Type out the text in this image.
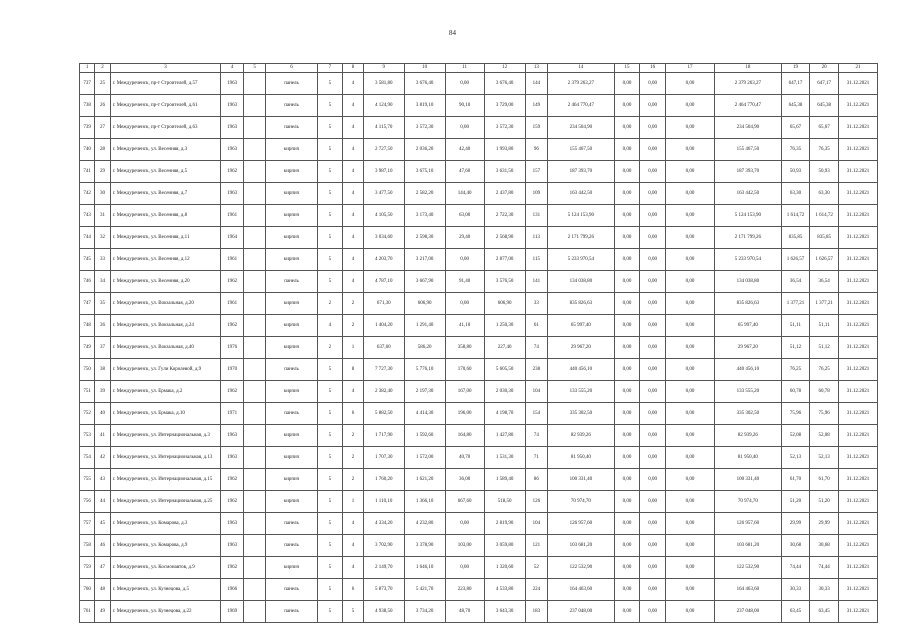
84
1	2	3	4	5	6	7	8	9	10	11	12	13	14	15	16	17	18	19	20	21
737	25	г. Междуреченск, пр-т Строителей, д.57	1963		панель	5	4	3 581,80	3 676,40	0,00	3 676,40	144	2 379 263,27	0,00	0,00	0,00	2 379 263,27	647,17	647,17	31.12.2021
738	26	г. Междуреченск, пр-т Строителей, д.61	1963		панель	5	4	4 124,90	3 819,10	90,10	3 729,00	149	2 464 770,47	0,00	0,00	0,00	2 464 770,47	645,38	645,38	31.12.2021
739	27	г. Междуреченск, пр-т Строителей, д.63	1963		панель	5	4	4 115,70	3 572,30	0,00	3 572,30	159	234 504,90	0,00	0,00	0,00	234 504,90	65,67	65,67	31.12.2021
740	28	г. Междуреченск, ул. Весенняя, д.3	1963		кирпич	5	4	2 727,50	2 036,20	42,40	1 993,80	96	155 467,50	0,00	0,00	0,00	155 467,50	76,35	76,35	31.12.2021
741	29	г. Междуреченск, ул. Весенняя, д.5	1962		кирпич	5	4	3 987,10	3 675,10	47,60	3 631,50	157	187 393,70	0,00	0,00	0,00	187 393,70	50,93	50,93	31.12.2021
742	30	г. Междуреченск, ул. Весенняя, д.7	1963		кирпич	5	4	3 477,50	2 582,20	144,40	2 437,80	109	163 442,50	0,00	0,00	0,00	163 442,50	63,30	63,30	31.12.2021
743	31	г. Междуреченск, ул. Весенняя, д.8	1961		кирпич	5	4	4 105,50	3 173,40	63,00	2 722,30	131	5 124 153,90	0,00	0,00	0,00	5 124 153,90	1 614,72	1 614,72	31.12.2021
744	32	г. Междуреченск, ул. Весенняя, д.11	1964		кирпич	5	4	3 034,60	2 598,30	29,40	2 568,90	113	2 171 799,26	0,00	0,00	0,00	2 171 799,26	835,85	835,85	31.12.2021
745	33	г. Междуреченск, ул. Весенняя, д.12	1961		кирпич	5	4	4 203,70	3 217,00	0,00	2 877,00	115	5 233 970,54	0,00	0,00	0,00	5 233 970,54	1 626,57	1 626,57	31.12.2021
746	34	г. Междуреченск, ул. Весенняя, д.20	1962		панель	5	4	4 787,10	3 667,90	91,40	3 576,50	141	134 038,80	0,00	0,00	0,00	134 038,80	36,54	36,54	31.12.2021
747	35	г. Междуреченск, ул. Вокзальная, д.20	1961		кирпич	2	2	671,30	606,90	0,00	606,90	33	835 826,63	0,00	0,00	0,00	835 826,63	1 377,21	1 377,21	31.12.2021
748	36	г. Междуреченск, ул. Вокзальная, д.24	1962		кирпич	4	2	1 404,20	1 291,40	41,10	1 250,30	61	65 997,40	0,00	0,00	0,00	65 997,40	51,11	51,11	31.12.2021
749	37	г. Междуреченск, ул. Вокзальная, д.40	1976		кирпич	2	1	637,60	586,20	358,80	227,40	74	29 967,20	0,00	0,00	0,00	29 967,20	51,12	51,12	31.12.2021
750	38	г. Междуреченск, ул. Гули Королевой, д.9	1970		панель	5	8	7 727,30	5 776,10	170,60	5 605,50	238	440 456,10	0,00	0,00	0,00	440 456,10	76,25	76,25	31.12.2021
751	39	г. Междуреченск, ул. Ермака, д.2	1962		кирпич	5	4	2 382,40	2 197,30	167,00	2 030,30	104	133 555,20	0,00	0,00	0,00	133 555,20	60,78	60,78	31.12.2021
752	40	г. Междуреченск, ул. Ермака, д.10	1971		панель	5	6	5 882,50	4 414,30	196,00	4 198,70	154	335 302,50	0,00	0,00	0,00	335 302,50	75,96	75,96	31.12.2021
753	41	г. Междуреченск, ул. Интернациональная, д.3	1963		кирпич	5	2	1 717,90	1 592,60	164,80	1 427,80	74	82 939,26	0,00	0,00	0,00	82 939,26	52,08	52,08	31.12.2021
754	42	г. Междуреченск, ул. Интернациональная, д.13	1963		кирпич	5	2	1 707,30	1 572,00	40,70	1 531,30	71	81 950,40	0,00	0,00	0,00	81 950,40	52,13	52,13	31.12.2021
755	43	г. Междуреченск, ул. Интернациональная, д.15	1962		кирпич	5	2	1 760,20	1 621,20	36,00	1 589,40	86	100 331,40	0,00	0,00	0,00	100 331,40	61,70	61,70	31.12.2021
756	44	г. Междуреченск, ул. Интернациональная, д.25	1962		кирпич	5	1	1 110,10	1 366,10	667,60	518,50	126	70 974,70	0,00	0,00	0,00	70 974,70	51,20	51,20	31.12.2021
757	45	г. Междуреченск, ул. Комарова, д.3	1963		панель	5	4	4 334,20	4 232,80	0,00	2 819,90	104	126 957,60	0,00	0,00	0,00	126 957,60	29,99	29,99	31.12.2021
758	46	г. Междуреченск, ул. Комарова, д.9	1963		панель	5	4	3 702,90	3 378,90	103,00	3 059,80	121	103 681,20	0,00	0,00	0,00	103 681,20	30,68	30,68	31.12.2021
759	47	г. Междуреченск, ул. Космонавтов, д.9	1962		кирпич	5	4	2 149,70	1 646,10	0,00	1 320,60	52	122 532,90	0,00	0,00	0,00	122 532,90	74,44	74,44	31.12.2021
760	48	г. Междуреченск, ул. Кузнецова, д.5	1966		панель	5	6	5 873,70	5 421,70	223,80	4 533,80	224	164 463,60	0,00	0,00	0,00	164 463,60	30,33	30,33	31.12.2021
761	49	г. Междуреченск, ул. Кузнецова, д.22	1969		панель	5	5	4 938,50	3 734,20	48,70	3 643,30	183	237 048,00	0,00	0,00	0,00	237 048,00	63,45	63,45	31.12.2021
